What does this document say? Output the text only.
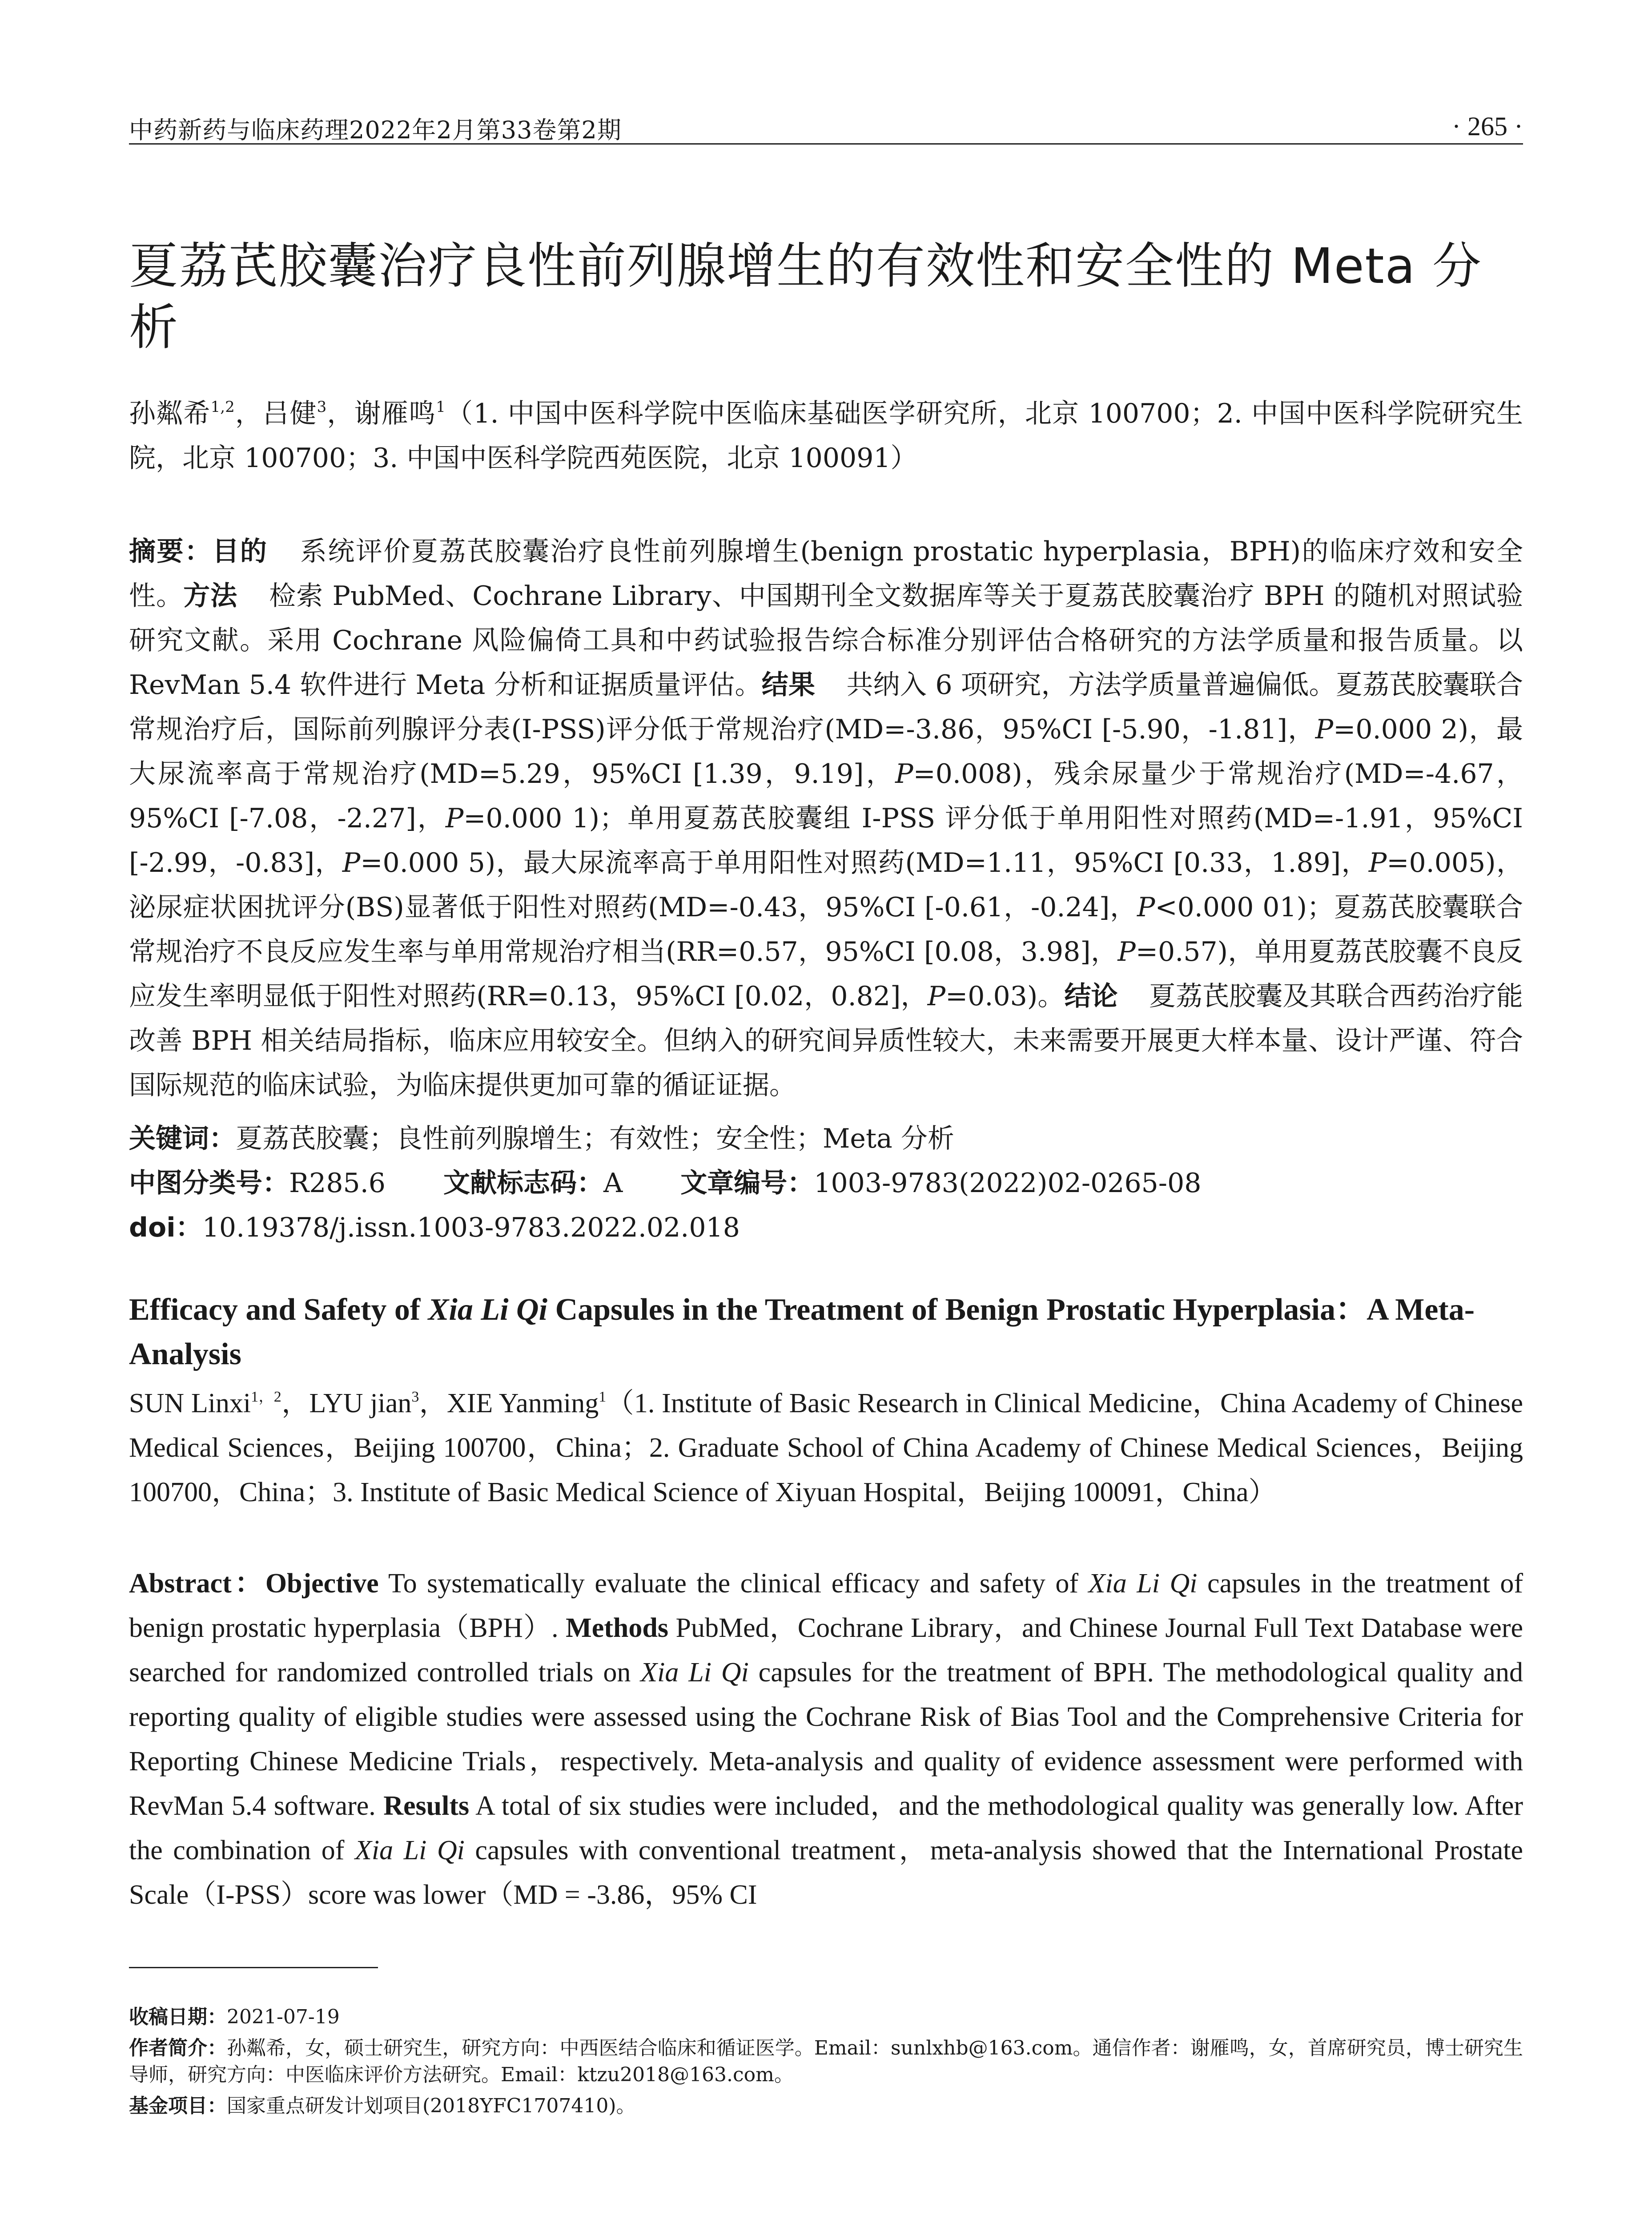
中药新药与临床药理2022年2月第33卷第2期	· 265 ·
夏荔芪胶囊治疗良性前列腺增生的有效性和安全性的 Meta 分析
孙粼希$^{1,2}$，吕健$^3$，谢雁鸣$^1$（1. 中国中医科学院中医临床基础医学研究所，北京 100700；2. 中国中医科学院研究生院，北京 100700；3. 中国中医科学院西苑医院，北京 100091）
摘要：目的 系统评价夏荔芪胶囊治疗良性前列腺增生(benign prostatic hyperplasia，BPH)的临床疗效和安全性。方法 检索 PubMed、Cochrane Library、中国期刊全文数据库等关于夏荔芪胶囊治疗 BPH 的随机对照试验研究文献。采用 Cochrane 风险偏倚工具和中药试验报告综合标准分别评估合格研究的方法学质量和报告质量。以 RevMan 5.4 软件进行 Meta 分析和证据质量评估。结果 共纳入 6 项研究，方法学质量普遍偏低。夏荔芪胶囊联合常规治疗后，国际前列腺评分表(I-PSS)评分低于常规治疗(MD=-3.86，95%CI [-5.90，-1.81]，P=0.000 2)，最大尿流率高于常规治疗(MD=5.29，95%CI [1.39，9.19]，P=0.008)，残余尿量少于常规治疗(MD=-4.67，95%CI [-7.08，-2.27]，P=0.000 1)；单用夏荔芪胶囊组 I-PSS 评分低于单用阳性对照药(MD=-1.91，95%CI [-2.99，-0.83]，P=0.000 5)，最大尿流率高于单用阳性对照药(MD=1.11，95%CI [0.33，1.89]，P=0.005)，泌尿症状困扰评分(BS)显著低于阳性对照药(MD=-0.43，95%CI [-0.61，-0.24]，P<0.000 01)；夏荔芪胶囊联合常规治疗不良反应发生率与单用常规治疗相当(RR=0.57，95%CI [0.08，3.98]，P=0.57)，单用夏荔芪胶囊不良反应发生率明显低于阳性对照药(RR=0.13，95%CI [0.02，0.82]，P=0.03)。结论 夏荔芪胶囊及其联合西药治疗能改善 BPH 相关结局指标，临床应用较安全。但纳入的研究间异质性较大，未来需要开展更大样本量、设计严谨、符合国际规范的临床试验，为临床提供更加可靠的循证证据。
关键词：夏荔芪胶囊；良性前列腺增生；有效性；安全性；Meta 分析
中图分类号：R285.6 文献标志码：A 文章编号：1003-9783(2022)02-0265-08
doi：10.19378/j.issn.1003-9783.2022.02.018
Efficacy and Safety of Xia Li Qi Capsules in the Treatment of Benign Prostatic Hyperplasia：A Meta-Analysis
SUN Linxi$^{1,2}$，LYU jian$^3$，XIE Yanming$^1$（1. Institute of Basic Research in Clinical Medicine，China Academy of Chinese Medical Sciences，Beijing 100700，China；2. Graduate School of China Academy of Chinese Medical Sciences，Beijing 100700，China；3. Institute of Basic Medical Science of Xiyuan Hospital，Beijing 100091，China）
Abstract：Objective To systematically evaluate the clinical efficacy and safety of Xia Li Qi capsules in the treatment of benign prostatic hyperplasia（BPH）. Methods PubMed，Cochrane Library，and Chinese Journal Full Text Database were searched for randomized controlled trials on Xia Li Qi capsules for the treatment of BPH. The methodological quality and reporting quality of eligible studies were assessed using the Cochrane Risk of Bias Tool and the Comprehensive Criteria for Reporting Chinese Medicine Trials，respectively. Meta-analysis and quality of evidence assessment were performed with RevMan 5.4 software. Results A total of six studies were included，and the methodological quality was generally low. After the combination of Xia Li Qi capsules with conventional treatment，meta-analysis showed that the International Prostate Scale（I-PSS）score was lower（MD = -3.86，95% CI
收稿日期：2021-07-19
作者简介：孙粼希，女，硕士研究生，研究方向：中西医结合临床和循证医学。Email：sunlxhb@163.com。通信作者：谢雁鸣，女，首席研究员，博士研究生导师，研究方向：中医临床评价方法研究。Email：ktzu2018@163.com。
基金项目：国家重点研发计划项目(2018YFC1707410)。
